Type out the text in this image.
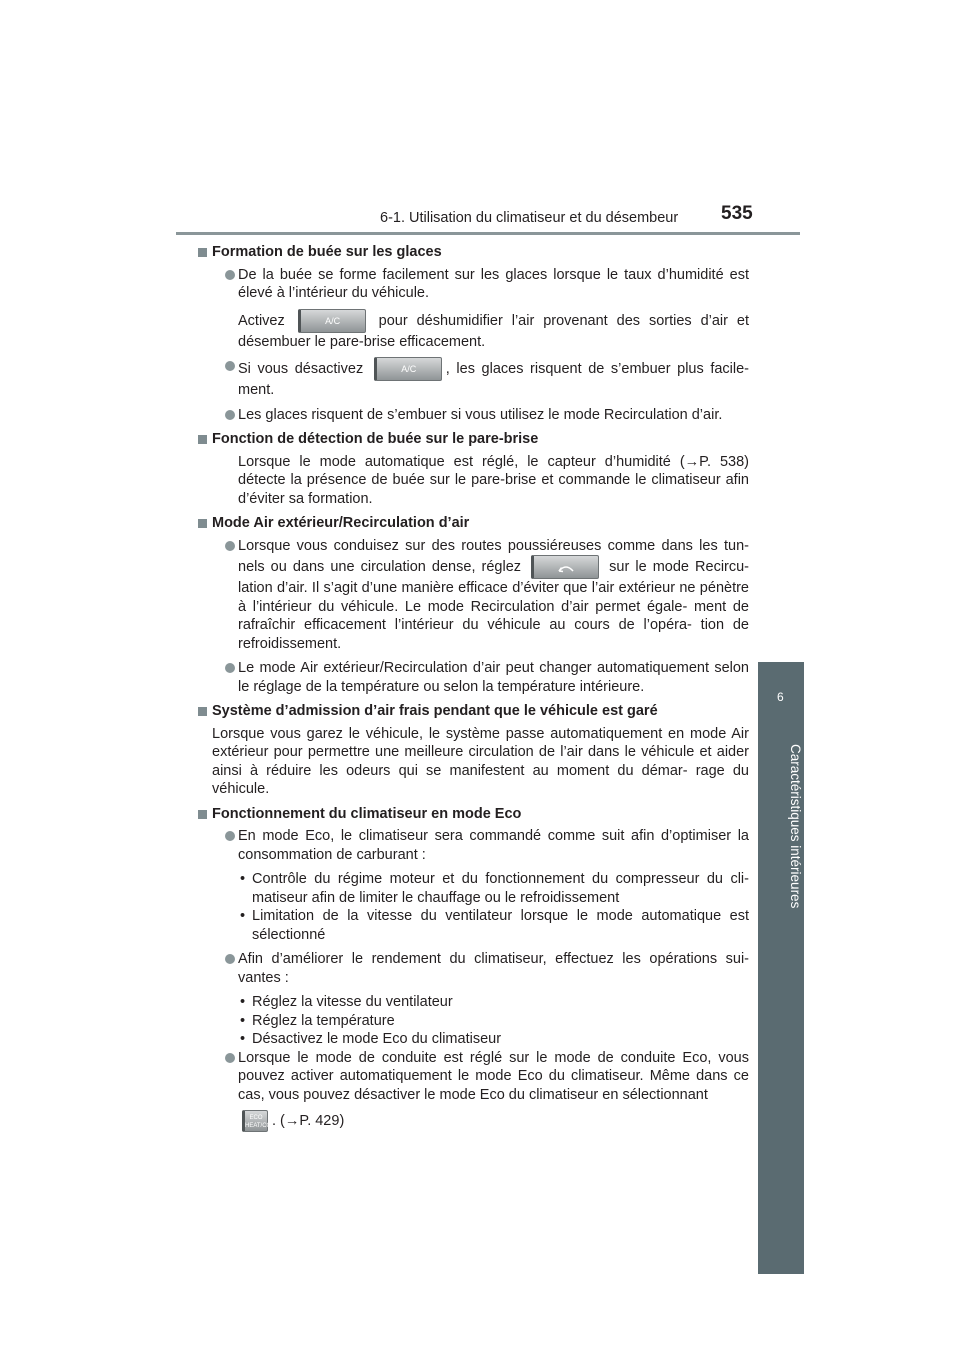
6-1. Utilisation du climatiseur et du désembeur 535
6
Caractéristiques intérieures
Formation de buée sur les glaces
De la buée se forme facilement sur les glaces lorsque le taux d’humidité est élevé à l’intérieur du véhicule.
Activez	A/C	pour déshumidifier l’air provenant des sorties d’air et désembuer le pare-brise efficacement.
Si vous désactivez	A/C , les glaces risquent de s’embuer plus facile- ment.
Les glaces risquent de s’embuer si vous utilisez le mode Recirculation d’air.
Fonction de détection de buée sur le pare-brise
Lorsque le mode automatique est réglé, le capteur d’humidité (→P. 538) détecte la présence de buée sur le pare-brise et commande le climatiseur afin d’éviter sa formation.
Mode Air extérieur/Recirculation d’air
Lorsque vous conduisez sur des routes poussiéreuses comme dans les tun- nels ou dans une circulation dense, réglez	sur le mode Recircu- lation d’air. Il s’agit d’une manière efficace d’éviter que l’air extérieur ne pénètre à l’intérieur du véhicule. Le mode Recirculation d’air permet égale- ment de rafraîchir efficacement l’intérieur du véhicule au cours de l’opéra- tion de refroidissement.
Le mode Air extérieur/Recirculation d’air peut changer automatiquement selon le réglage de la température ou selon la température intérieure.
Système d’admission d’air frais pendant que le véhicule est garé
Lorsque vous garez le véhicule, le système passe automatiquement en mode Air extérieur pour permettre une meilleure circulation de l’air dans le véhicule et aider ainsi à réduire les odeurs qui se manifestent au moment du démar- rage du véhicule.
Fonctionnement du climatiseur en mode Eco
En mode Eco, le climatiseur sera commandé comme suit afin d’optimiser la consommation de carburant :
• Contrôle du régime moteur et du fonctionnement du compresseur du cli- matiseur afin de limiter le chauffage ou le refroidissement
• Limitation de la vitesse du ventilateur lorsque le mode automatique est sélectionné
Afin d’améliorer le rendement du climatiseur, effectuez les opérations sui- vantes :
• Réglez la vitesse du ventilateur
• Réglez la température
• Désactivez le mode Eco du climatiseur
Lorsque le mode de conduite est réglé sur le mode de conduite Eco, vous pouvez activer automatiquement le mode Eco du climatiseur. Même dans ce cas, vous pouvez désactiver le mode Eco du climatiseur en sélectionnant
ECO
HEAT/COOL
. (→P. 429)
